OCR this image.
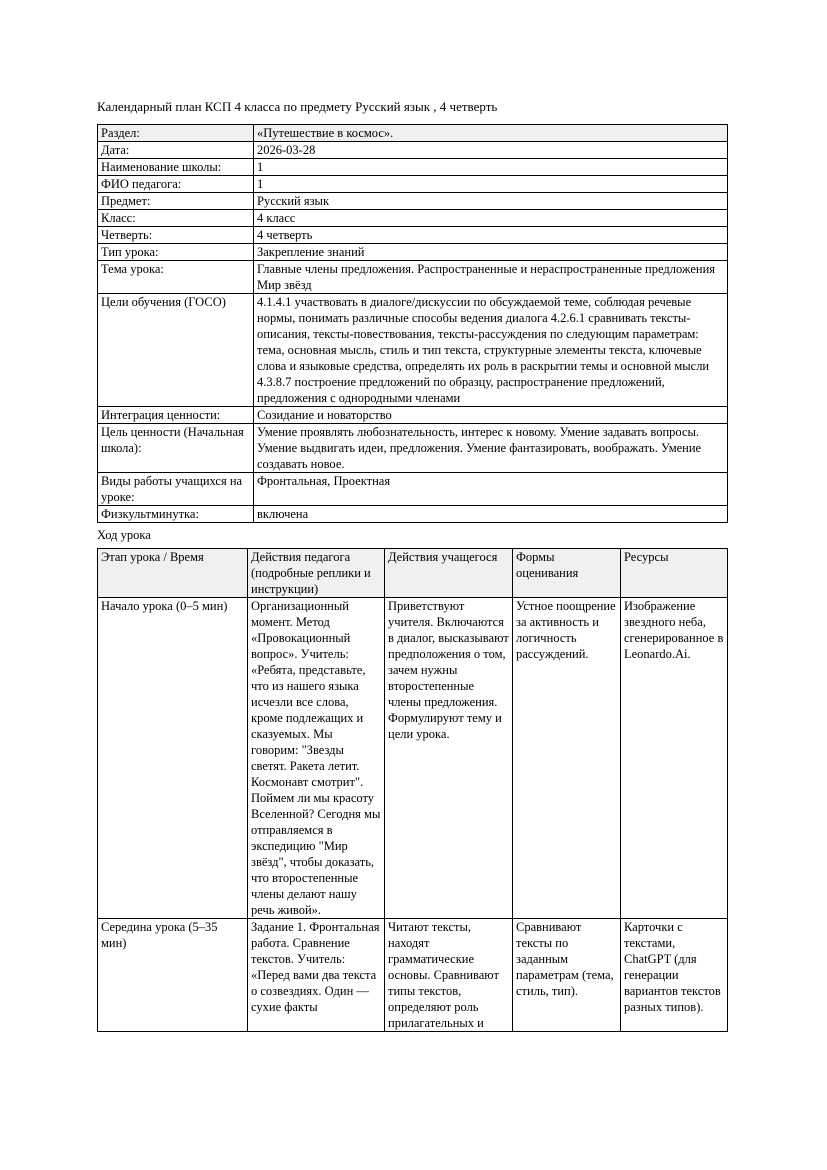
Календарный план КСП 4 класса по предмету Русский язык , 4 четверть
Раздел:	«Путешествие в космос».
Дата:	2026-03-28
Наименование школы:	1
ФИО педагога:	1
Предмет:	Русский язык
Класс:	4 класс
Четверть:	4 четверть
Тип урока:	Закрепление знаний
Тема урока:	Главные члены предложения. Распространенные и нераспространенные предложения Мир звёзд
Цели обучения (ГОСО)	4.1.4.1 участвовать в диалоге/дискуссии по обсуждаемой теме, соблюдая речевые нормы, понимать различные способы ведения диалога 4.2.6.1 сравнивать тексты-описания, тексты-повествования, тексты-рассуждения по следующим параметрам: тема, основная мысль, стиль и тип текста, структурные элементы текста, ключевые слова и языковые средства, определять их роль в раскрытии темы и основной мысли 4.3.8.7 построение предложений по образцу, распространение предложений, предложения с однородными членами
Интеграция ценности:	Созидание и новаторство
Цель ценности (Начальная школа):	Умение проявлять любознательность, интерес к новому. Умение задавать вопросы. Умение выдвигать идеи, предложения. Умение фантазировать, воображать. Умение создавать новое.
Виды работы учащихся на уроке:	Фронтальная, Проектная
Физкультминутка:	включена
Ход урока
Этап урока / Время	Действия педагога (подробные реплики и инструкции)	Действия учащегося	Формы оценивания	Ресурсы
Начало урока (0–5 мин)	Организационный момент. Метод «Провокационный вопрос». Учитель: «Ребята, представьте, что из нашего языка исчезли все слова, кроме подлежащих и сказуемых. Мы говорим: "Звезды светят. Ракета летит. Космонавт смотрит". Поймем ли мы красоту Вселенной? Сегодня мы отправляемся в экспедицию "Мир звёзд", чтобы доказать, что второстепенные члены делают нашу речь живой».	Приветствуют учителя. Включаются в диалог, высказывают предположения о том, зачем нужны второстепенные члены предложения. Формулируют тему и цели урока.	Устное поощрение за активность и логичность рассуждений.	Изображение звездного неба, сгенерированное в Leonardo.Ai.
Середина урока (5–35 мин)	Задание 1. Фронтальная работа. Сравнение текстов. Учитель: «Перед вами два текста о созвездиях. Один — сухие факты	Читают тексты, находят грамматические основы. Сравнивают типы текстов, определяют роль прилагательных и	Сравнивают тексты по заданным параметрам (тема, стиль, тип).	Карточки с текстами, ChatGPT (для генерации вариантов текстов разных типов).
